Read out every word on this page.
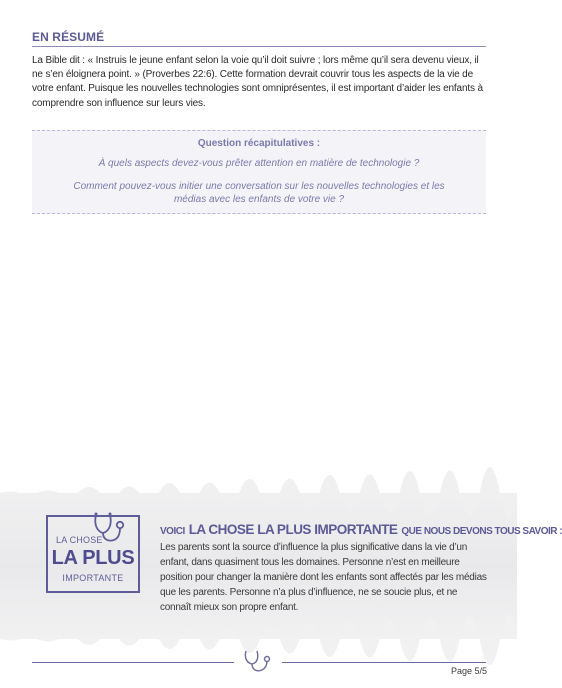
EN RÉSUMÉ

La Bible dit : « Instruis le jeune enfant selon la voie qu’il doit suivre ; lors même qu’il sera devenu vieux, il ne s’en éloignera point. » (Proverbes 22:6). Cette formation devrait couvrir tous les aspects de la vie de votre enfant. Puisque les nouvelles technologies sont omniprésentes, il est important d’aider les enfants à comprendre son influence sur leurs vies.

Question récapitulatives :

À quels aspects devez-vous prêter attention en matière de technologie ?

Comment pouvez-vous initier une conversation sur les nouvelles technologies et les médias avec les enfants de votre vie ?

LA CHOSE
LA PLUS
IMPORTANTE
VOICI LA CHOSE LA PLUS IMPORTANTE QUE NOUS DEVONS TOUS SAVOIR :

Les parents sont la source d’influence la plus significative dans la vie d’un enfant, dans quasiment tous les domaines. Personne n’est en meilleure position pour changer la manière dont les enfants sont affectés par les médias que les parents. Personne n’a plus d’influence, ne se soucie plus, et ne connaît mieux son propre enfant.

Page 5/5
